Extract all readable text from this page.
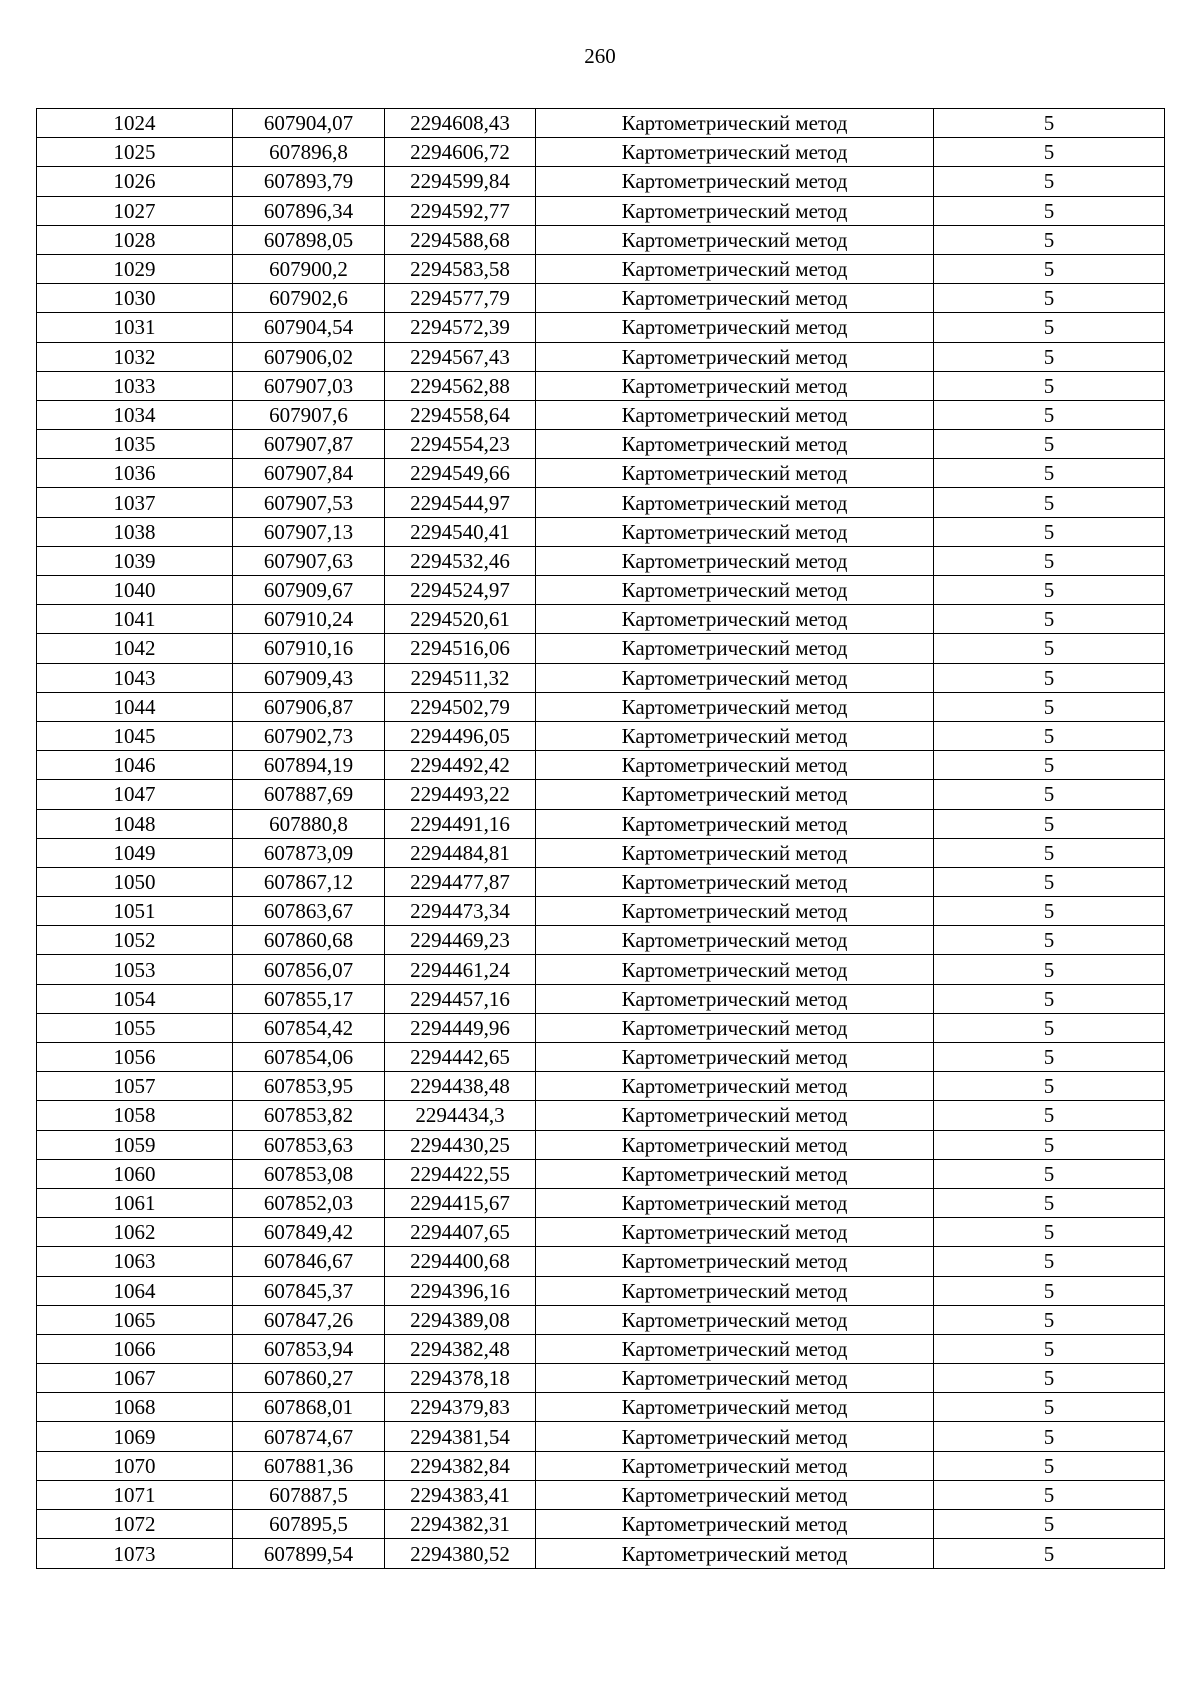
260
1024	607904,07	2294608,43	Картометрический метод	5
1025	607896,8	2294606,72	Картометрический метод	5
1026	607893,79	2294599,84	Картометрический метод	5
1027	607896,34	2294592,77	Картометрический метод	5
1028	607898,05	2294588,68	Картометрический метод	5
1029	607900,2	2294583,58	Картометрический метод	5
1030	607902,6	2294577,79	Картометрический метод	5
1031	607904,54	2294572,39	Картометрический метод	5
1032	607906,02	2294567,43	Картометрический метод	5
1033	607907,03	2294562,88	Картометрический метод	5
1034	607907,6	2294558,64	Картометрический метод	5
1035	607907,87	2294554,23	Картометрический метод	5
1036	607907,84	2294549,66	Картометрический метод	5
1037	607907,53	2294544,97	Картометрический метод	5
1038	607907,13	2294540,41	Картометрический метод	5
1039	607907,63	2294532,46	Картометрический метод	5
1040	607909,67	2294524,97	Картометрический метод	5
1041	607910,24	2294520,61	Картометрический метод	5
1042	607910,16	2294516,06	Картометрический метод	5
1043	607909,43	2294511,32	Картометрический метод	5
1044	607906,87	2294502,79	Картометрический метод	5
1045	607902,73	2294496,05	Картометрический метод	5
1046	607894,19	2294492,42	Картометрический метод	5
1047	607887,69	2294493,22	Картометрический метод	5
1048	607880,8	2294491,16	Картометрический метод	5
1049	607873,09	2294484,81	Картометрический метод	5
1050	607867,12	2294477,87	Картометрический метод	5
1051	607863,67	2294473,34	Картометрический метод	5
1052	607860,68	2294469,23	Картометрический метод	5
1053	607856,07	2294461,24	Картометрический метод	5
1054	607855,17	2294457,16	Картометрический метод	5
1055	607854,42	2294449,96	Картометрический метод	5
1056	607854,06	2294442,65	Картометрический метод	5
1057	607853,95	2294438,48	Картометрический метод	5
1058	607853,82	2294434,3	Картометрический метод	5
1059	607853,63	2294430,25	Картометрический метод	5
1060	607853,08	2294422,55	Картометрический метод	5
1061	607852,03	2294415,67	Картометрический метод	5
1062	607849,42	2294407,65	Картометрический метод	5
1063	607846,67	2294400,68	Картометрический метод	5
1064	607845,37	2294396,16	Картометрический метод	5
1065	607847,26	2294389,08	Картометрический метод	5
1066	607853,94	2294382,48	Картометрический метод	5
1067	607860,27	2294378,18	Картометрический метод	5
1068	607868,01	2294379,83	Картометрический метод	5
1069	607874,67	2294381,54	Картометрический метод	5
1070	607881,36	2294382,84	Картометрический метод	5
1071	607887,5	2294383,41	Картометрический метод	5
1072	607895,5	2294382,31	Картометрический метод	5
1073	607899,54	2294380,52	Картометрический метод	5
